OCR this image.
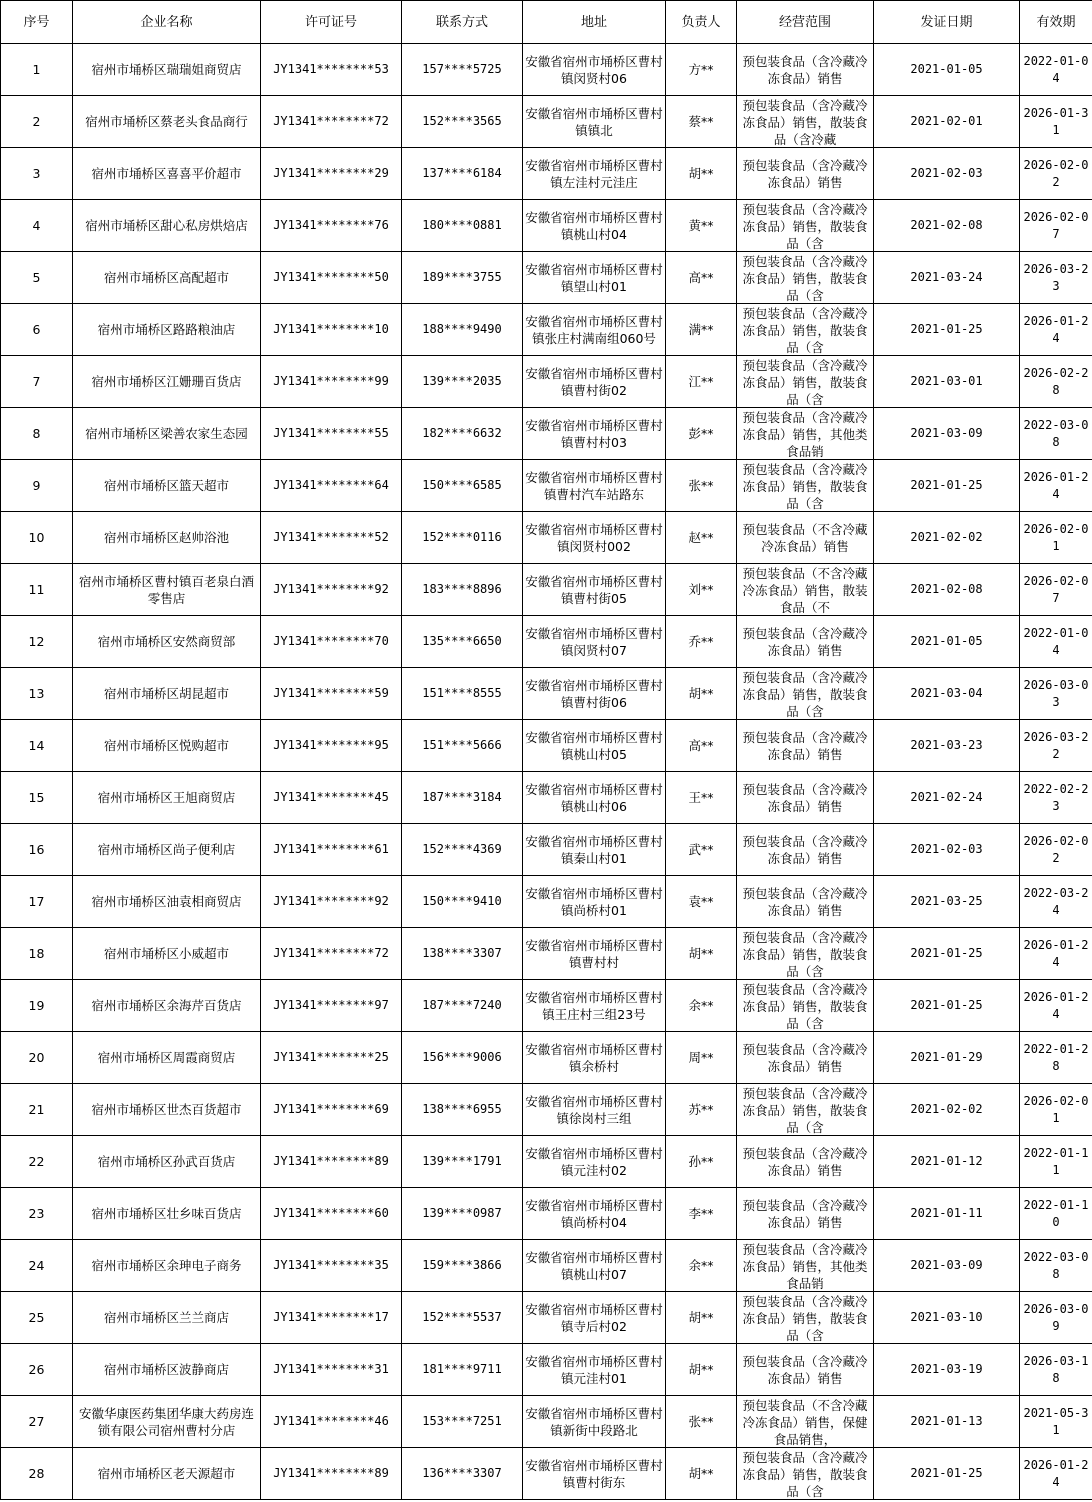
序号	企业名称	许可证号	联系方式	地址	负责人	经营范围	发证日期	有效期

1	宿州市埇桥区瑞瑞姐商贸店	JY1341********53	157****5725	安徽省宿州市埇桥区曹村镇闵贤村06	方**	预包装食品（含冷藏冷冻食品）销售	2021-01-05	2022-01-04

2	宿州市埇桥区蔡老头食品商行	JY1341********72	152****3565	安徽省宿州市埇桥区曹村镇镇北	蔡**	预包装食品（含冷藏冷冻食品）销售，散装食品（含冷藏	2021-02-01	2026-01-31

3	宿州市埇桥区喜喜平价超市	JY1341********29	137****6184	安徽省宿州市埇桥区曹村镇左洼村元洼庄	胡**	预包装食品（含冷藏冷冻食品）销售	2021-02-03	2026-02-02

4	宿州市埇桥区甜心私房烘焙店	JY1341********76	180****0881	安徽省宿州市埇桥区曹村镇桃山村04	黄**	预包装食品（含冷藏冷冻食品）销售，散装食品（含	2021-02-08	2026-02-07

5	宿州市埇桥区高配超市	JY1341********50	189****3755	安徽省宿州市埇桥区曹村镇望山村01	高**	预包装食品（含冷藏冷冻食品）销售，散装食品（含	2021-03-24	2026-03-23

6	宿州市埇桥区路路粮油店	JY1341********10	188****9490	安徽省宿州市埇桥区曹村镇张庄村满南组060号	满**	预包装食品（含冷藏冷冻食品）销售，散装食品（含	2021-01-25	2026-01-24

7	宿州市埇桥区江姗珊百货店	JY1341********99	139****2035	安徽省宿州市埇桥区曹村镇曹村街02	江**	预包装食品（含冷藏冷冻食品）销售，散装食品（含	2021-03-01	2026-02-28

8	宿州市埇桥区梁善农家生态园	JY1341********55	182****6632	安徽省宿州市埇桥区曹村镇曹村村03	彭**	预包装食品（含冷藏冷冻食品）销售，其他类食品销	2021-03-09	2022-03-08

9	宿州市埇桥区篮天超市	JY1341********64	150****6585	安徽省宿州市埇桥区曹村镇曹村汽车站路东	张**	预包装食品（含冷藏冷冻食品）销售，散装食品（含	2021-01-25	2026-01-24

10	宿州市埇桥区赵帅浴池	JY1341********52	152****0116	安徽省宿州市埇桥区曹村镇闵贤村002	赵**	预包装食品（不含冷藏冷冻食品）销售	2021-02-02	2026-02-01

11	宿州市埇桥区曹村镇百老泉白酒零售店	JY1341********92	183****8896	安徽省宿州市埇桥区曹村镇曹村街05	刘**	预包装食品（不含冷藏冷冻食品）销售，散装食品（不	2021-02-08	2026-02-07

12	宿州市埇桥区安然商贸部	JY1341********70	135****6650	安徽省宿州市埇桥区曹村镇闵贤村07	乔**	预包装食品（含冷藏冷冻食品）销售	2021-01-05	2022-01-04

13	宿州市埇桥区胡昆超市	JY1341********59	151****8555	安徽省宿州市埇桥区曹村镇曹村街06	胡**	预包装食品（含冷藏冷冻食品）销售，散装食品（含	2021-03-04	2026-03-03

14	宿州市埇桥区悦购超市	JY1341********95	151****5666	安徽省宿州市埇桥区曹村镇桃山村05	高**	预包装食品（含冷藏冷冻食品）销售	2021-03-23	2026-03-22

15	宿州市埇桥区王旭商贸店	JY1341********45	187****3184	安徽省宿州市埇桥区曹村镇桃山村06	王**	预包装食品（含冷藏冷冻食品）销售	2021-02-24	2022-02-23

16	宿州市埇桥区尚子便利店	JY1341********61	152****4369	安徽省宿州市埇桥区曹村镇秦山村01	武**	预包装食品（含冷藏冷冻食品）销售	2021-02-03	2026-02-02

17	宿州市埇桥区油袁相商贸店	JY1341********92	150****9410	安徽省宿州市埇桥区曹村镇尚桥村01	袁**	预包装食品（含冷藏冷冻食品）销售	2021-03-25	2022-03-24

18	宿州市埇桥区小威超市	JY1341********72	138****3307	安徽省宿州市埇桥区曹村镇曹村村	胡**	预包装食品（含冷藏冷冻食品）销售，散装食品（含	2021-01-25	2026-01-24

19	宿州市埇桥区余海芹百货店	JY1341********97	187****7240	安徽省宿州市埇桥区曹村镇王庄村三组23号	余**	预包装食品（含冷藏冷冻食品）销售，散装食品（含	2021-01-25	2026-01-24

20	宿州市埇桥区周霞商贸店	JY1341********25	156****9006	安徽省宿州市埇桥区曹村镇余桥村	周**	预包装食品（含冷藏冷冻食品）销售	2021-01-29	2022-01-28

21	宿州市埇桥区世杰百货超市	JY1341********69	138****6955	安徽省宿州市埇桥区曹村镇徐岗村三组	苏**	预包装食品（含冷藏冷冻食品）销售，散装食品（含	2021-02-02	2026-02-01

22	宿州市埇桥区孙武百货店	JY1341********89	139****1791	安徽省宿州市埇桥区曹村镇元洼村02	孙**	预包装食品（含冷藏冷冻食品）销售	2021-01-12	2022-01-11

23	宿州市埇桥区壮乡味百货店	JY1341********60	139****0987	安徽省宿州市埇桥区曹村镇尚桥村04	李**	预包装食品（含冷藏冷冻食品）销售	2021-01-11	2022-01-10

24	宿州市埇桥区余珅电子商务	JY1341********35	159****3866	安徽省宿州市埇桥区曹村镇桃山村07	余**	预包装食品（含冷藏冷冻食品）销售，其他类食品销	2021-03-09	2022-03-08

25	宿州市埇桥区兰兰商店	JY1341********17	152****5537	安徽省宿州市埇桥区曹村镇寺后村02	胡**	预包装食品（含冷藏冷冻食品）销售，散装食品（含	2021-03-10	2026-03-09

26	宿州市埇桥区波静商店	JY1341********31	181****9711	安徽省宿州市埇桥区曹村镇元洼村01	胡**	预包装食品（含冷藏冷冻食品）销售	2021-03-19	2026-03-18

27	安徽华康医药集团华康大药房连锁有限公司宿州曹村分店	JY1341********46	153****7251	安徽省宿州市埇桥区曹村镇新街中段路北	张**	预包装食品（不含冷藏冷冻食品）销售，保健食品销售，	2021-01-13	2021-05-31

28	宿州市埇桥区老天源超市	JY1341********89	136****3307	安徽省宿州市埇桥区曹村镇曹村街东	胡**	预包装食品（含冷藏冷冻食品）销售，散装食品（含	2021-01-25	2026-01-24
